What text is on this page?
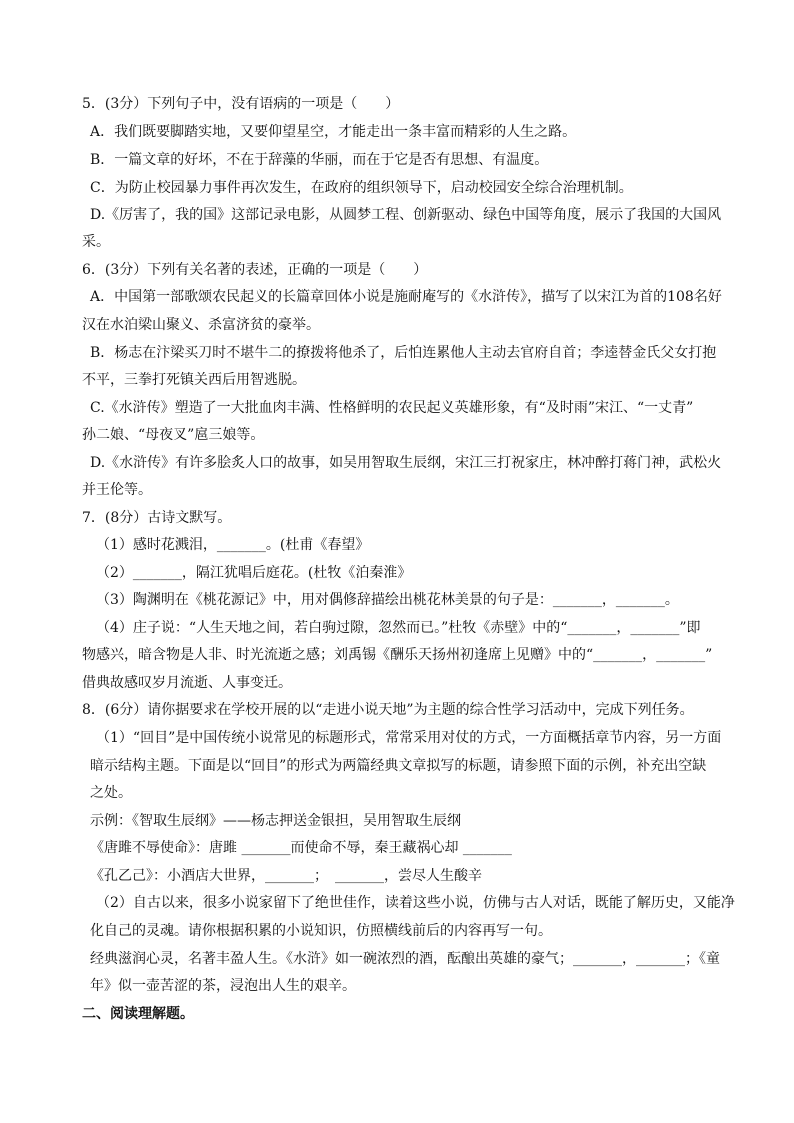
5．(3分）下列句子中，没有语病的一项是（　　）

A．我们既要脚踏实地，又要仰望星空，才能走出一条丰富而精彩的人生之路。

B．一篇文章的好坏，不在于辞藻的华丽，而在于它是否有思想、有温度。

C．为防止校园暴力事件再次发生，在政府的组织领导下，启动校园安全综合治理机制。

D.《厉害了，我的国》这部记录电影，从圆梦工程、创新驱动、绿色中国等角度，展示了我国的大国风

采。

6．(3分）下列有关名著的表述，正确的一项是（　　）

A．中国第一部歌颂农民起义的长篇章回体小说是施耐庵写的《水浒传》，描写了以宋江为首的108名好

汉在水泊梁山聚义、杀富济贫的豪举。

B．杨志在汴梁买刀时不堪牛二的撩拨将他杀了，后怕连累他人主动去官府自首；李逵替金氏父女打抱

不平，三拳打死镇关西后用智逃脱。

C.《水浒传》塑造了一大批血肉丰满、性格鲜明的农民起义英雄形象，有“及时雨”宋江、“一丈青”

孙二娘、“母夜叉”扈三娘等。

D.《水浒传》有许多脍炙人口的故事，如吴用智取生辰纲，宋江三打祝家庄，林冲醉打蒋门神，武松火

并王伦等。

7．(8分）古诗文默写。

（1）感时花溅泪，_______。(杜甫《春望》

（2）_______，隔江犹唱后庭花。(杜牧《泊秦淮》

（3）陶渊明在《桃花源记》中，用对偶修辞描绘出桃花林美景的句子是：_______，_______。

（4）庄子说：“人生天地之间，若白驹过隙，忽然而已。”杜牧《赤壁》中的“_______，_______”即

物感兴，暗含物是人非、时光流逝之感；刘禹锡《酬乐天扬州初逢席上见赠》中的“_______，_______”

借典故感叹岁月流逝、人事变迁。

8．(6分）请你据要求在学校开展的以“走进小说天地”为主题的综合性学习活动中，完成下列任务。

（1）“回目”是中国传统小说常见的标题形式，常常采用对仗的方式，一方面概括章节内容，另一方面

暗示结构主题。下面是以“回目”的形式为两篇经典文章拟写的标题，请参照下面的示例，补充出空缺

之处。

示例：《智取生辰纲》——杨志押送金银担，吴用智取生辰纲

《唐雎不辱使命》：唐雎 _______而使命不辱，秦王藏祸心却 _______

《孔乙己》：小酒店大世界，_______；　_______，尝尽人生酸辛

（2）自古以来，很多小说家留下了绝世佳作，读着这些小说，仿佛与古人对话，既能了解历史，又能净

化自己的灵魂。请你根据积累的小说知识，仿照横线前后的内容再写一句。

经典滋润心灵，名著丰盈人生。《水浒》如一碗浓烈的酒，酝酿出英雄的豪气；_______，_______；《童

年》似一壶苦涩的茶，浸泡出人生的艰辛。

二、阅读理解题。
